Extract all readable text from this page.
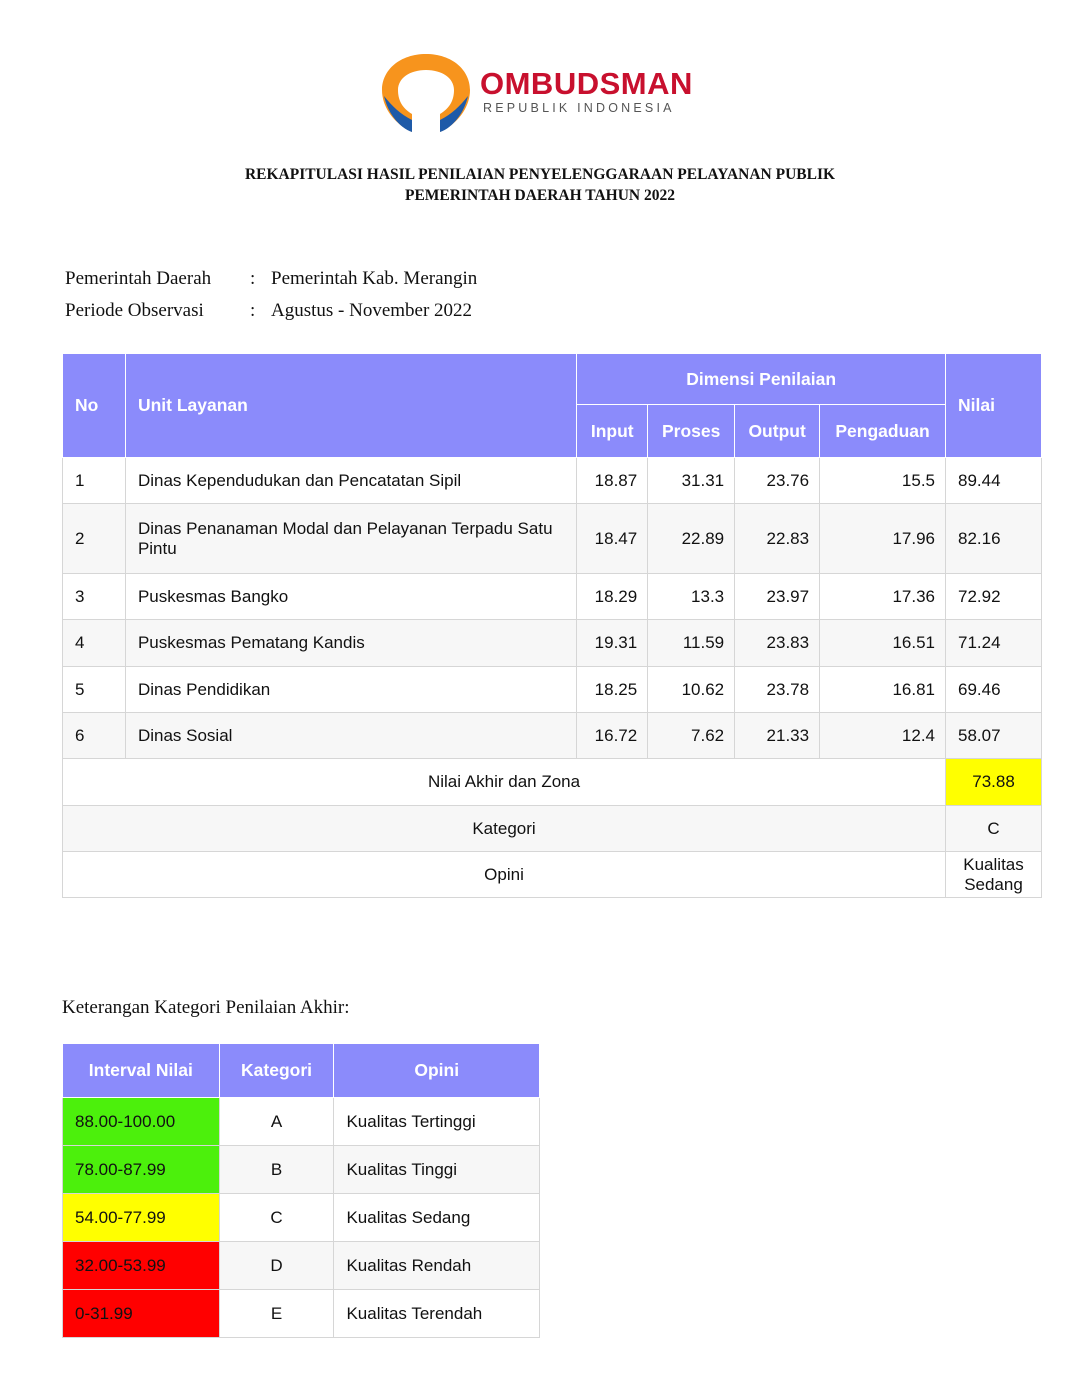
OMBUDSMAN
REPUBLIK INDONESIA
REKAPITULASI HASIL PENILAIAN PENYELENGGARAAN PELAYANAN PUBLIK
PEMERINTAH DAERAH TAHUN 2022
Pemerintah Daerah : Pemerintah Kab. Merangin
Periode Observasi : Agustus - November 2022
No	Unit Layanan	Dimensi Penilaian				Nilai
		Input	Proses	Output	Pengaduan	
1	Dinas Kependudukan dan Pencatatan Sipil	18.87	31.31	23.76	15.5	89.44
2	Dinas Penanaman Modal dan Pelayanan Terpadu Satu Pintu	18.47	22.89	22.83	17.96	82.16
3	Puskesmas Bangko	18.29	13.3	23.97	17.36	72.92
4	Puskesmas Pematang Kandis	19.31	11.59	23.83	16.51	71.24
5	Dinas Pendidikan	18.25	10.62	23.78	16.81	69.46
6	Dinas Sosial	16.72	7.62	21.33	12.4	58.07
Nilai Akhir dan Zona						73.88
Kategori						C
Opini						Kualitas Sedang
Keterangan Kategori Penilaian Akhir:
Interval Nilai	Kategori	Opini
88.00-100.00	A	Kualitas Tertinggi
78.00-87.99	B	Kualitas Tinggi
54.00-77.99	C	Kualitas Sedang
32.00-53.99	D	Kualitas Rendah
0-31.99	E	Kualitas Terendah
